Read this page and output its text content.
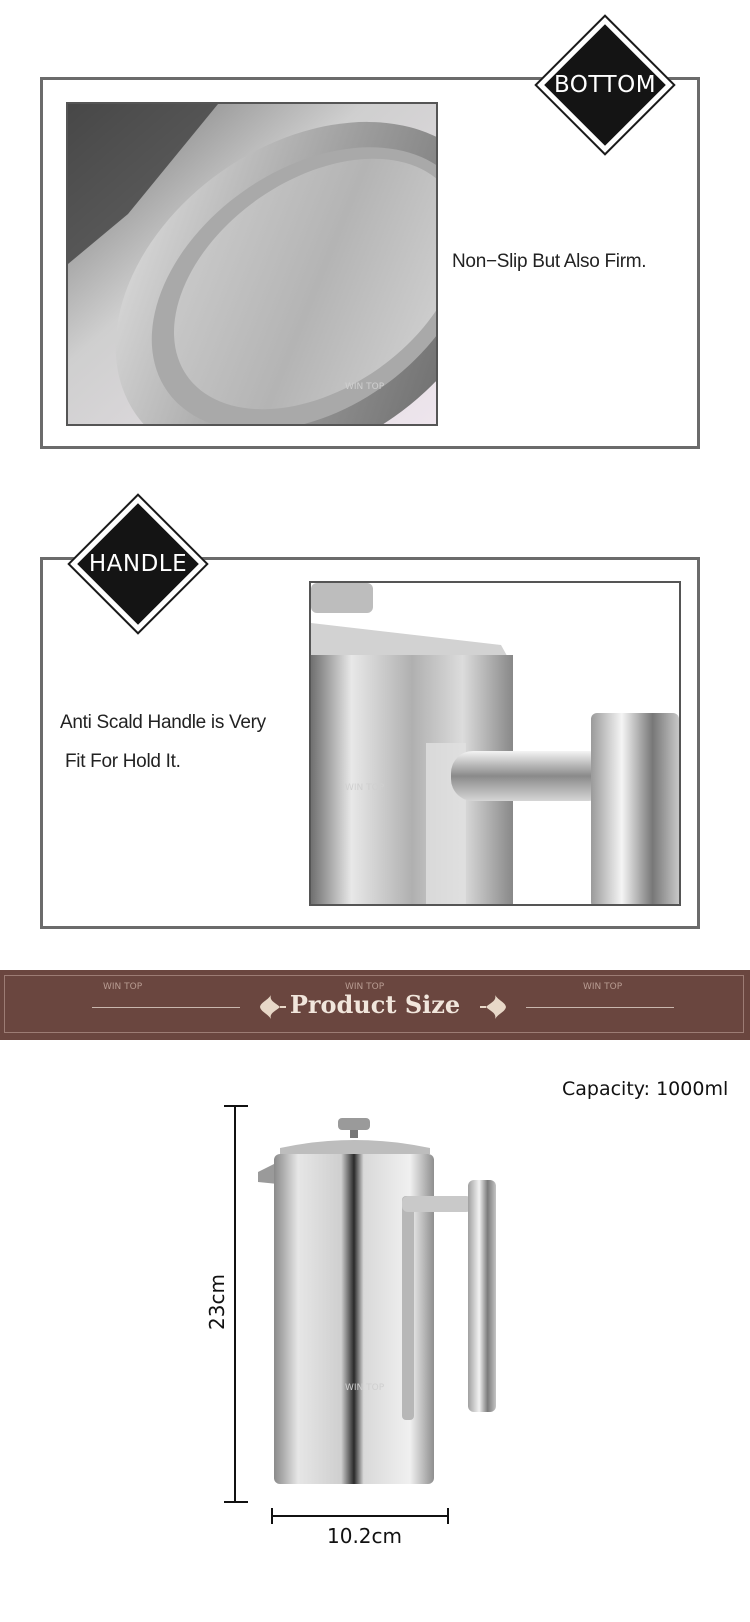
WIN TOP
Non−Slip But Also Firm.
BOTTOM
WIN TOP
Anti Scald Handle is Very
Fit For Hold It.
HANDLE
Product Size
WIN TOP	WIN TOP	WIN TOP
Capacity: 1000ml
23cm
WIN TOP
10.2cm
